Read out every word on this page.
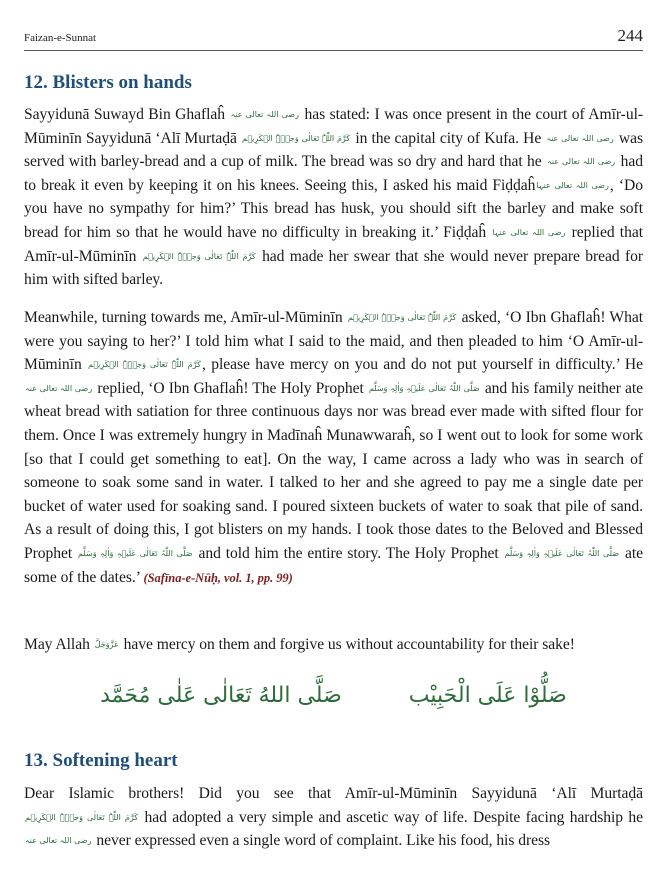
Faizan-e-Sunnat	244
12. Blisters on hands

Sayyidunā Suwayd Bin Ghaflaĥ رضی اللہ تعالی عنہ has stated: I was once present in the court of Amīr-ul-Mūminīn Sayyidunā ‘Alī Murtaḍā کَرَّمَ اللّٰہُ تَعَالٰی وَجۡہَہُ الۡکَرِیۡم in the capital city of Kufa. He رضی اللہ تعالی عنہ was served with barley-bread and a cup of milk. The bread was so dry and hard that he رضی اللہ تعالی عنہ had to break it even by keeping it on his knees. Seeing this, I asked his maid Fiḍḍaĥرضی اللہ تعالی عنہا, ‘Do you have no sympathy for him?’ This bread has husk, you should sift the barley and make soft bread for him so that he would have no difficulty in breaking it.’ Fiḍḍaĥ رضی اللہ تعالی عنہا replied that Amīr-ul-Mūminīn کَرَّمَ اللّٰہُ تَعَالٰی وَجۡہَہُ الۡکَرِیۡم had made her swear that she would never prepare bread for him with sifted barley.

Meanwhile, turning towards me, Amīr-ul-Mūminīn کَرَّمَ اللّٰہُ تَعَالٰی وَجۡہَہُ الۡکَرِیۡم asked, ‘O Ibn Ghaflaĥ! What were you saying to her?’ I told him what I said to the maid, and then pleaded to him ‘O Amīr-ul-Mūminīn کَرَّمَ اللّٰہُ تَعَالٰی وَجۡہَہُ الۡکَرِیۡم, please have mercy on you and do not put yourself in difficulty.’ He رضی اللہ تعالی عنہ replied, ‘O Ibn Ghaflaĥ! The Holy Prophet صَلَّی اللّٰہُ تَعَالٰی عَلَیۡہِ وَاٰلِہٖ وَسَلَّم and his family neither ate wheat bread with satiation for three continuous days nor was bread ever made with sifted flour for them. Once I was extremely hungry in Madīnaĥ Munawwaraĥ, so I went out to look for some work [so that I could get something to eat]. On the way, I came across a lady who was in search of someone to soak some sand in water. I talked to her and she agreed to pay me a single date per bucket of water used for soaking sand. I poured sixteen buckets of water to soak that pile of sand. As a result of doing this, I got blisters on my hands. I took those dates to the Beloved and Blessed Prophet صَلَّی اللّٰہُ تَعَالٰی عَلَیۡہِ وَاٰلِہٖ وَسَلَّم and told him the entire story. The Holy Prophet صَلَّی اللّٰہُ تَعَالٰی عَلَیۡہِ وَاٰلِہٖ وَسَلَّم ate some of the dates.’ (Safīna-e-Nūḥ, vol. 1, pp. 99)

May Allah عَزَّوَجَلَّ have mercy on them and forgive us without accountability for their sake!

صَلُّوْا عَلَى الْحَبِيْب صَلَّى اللهُ تَعَالٰى عَلٰى مُحَمَّد
13. Softening heart

Dear Islamic brothers! Did you see that Amīr-ul-Mūminīn Sayyidunā ‘Alī Murtaḍā کَرَّمَ اللّٰہُ تَعَالٰی وَجۡہَہُ الۡکَرِیۡم had adopted a very simple and ascetic way of life. Despite facing hardship he رضی اللہ تعالی عنہ never expressed even a single word of complaint. Like his food, his dress
